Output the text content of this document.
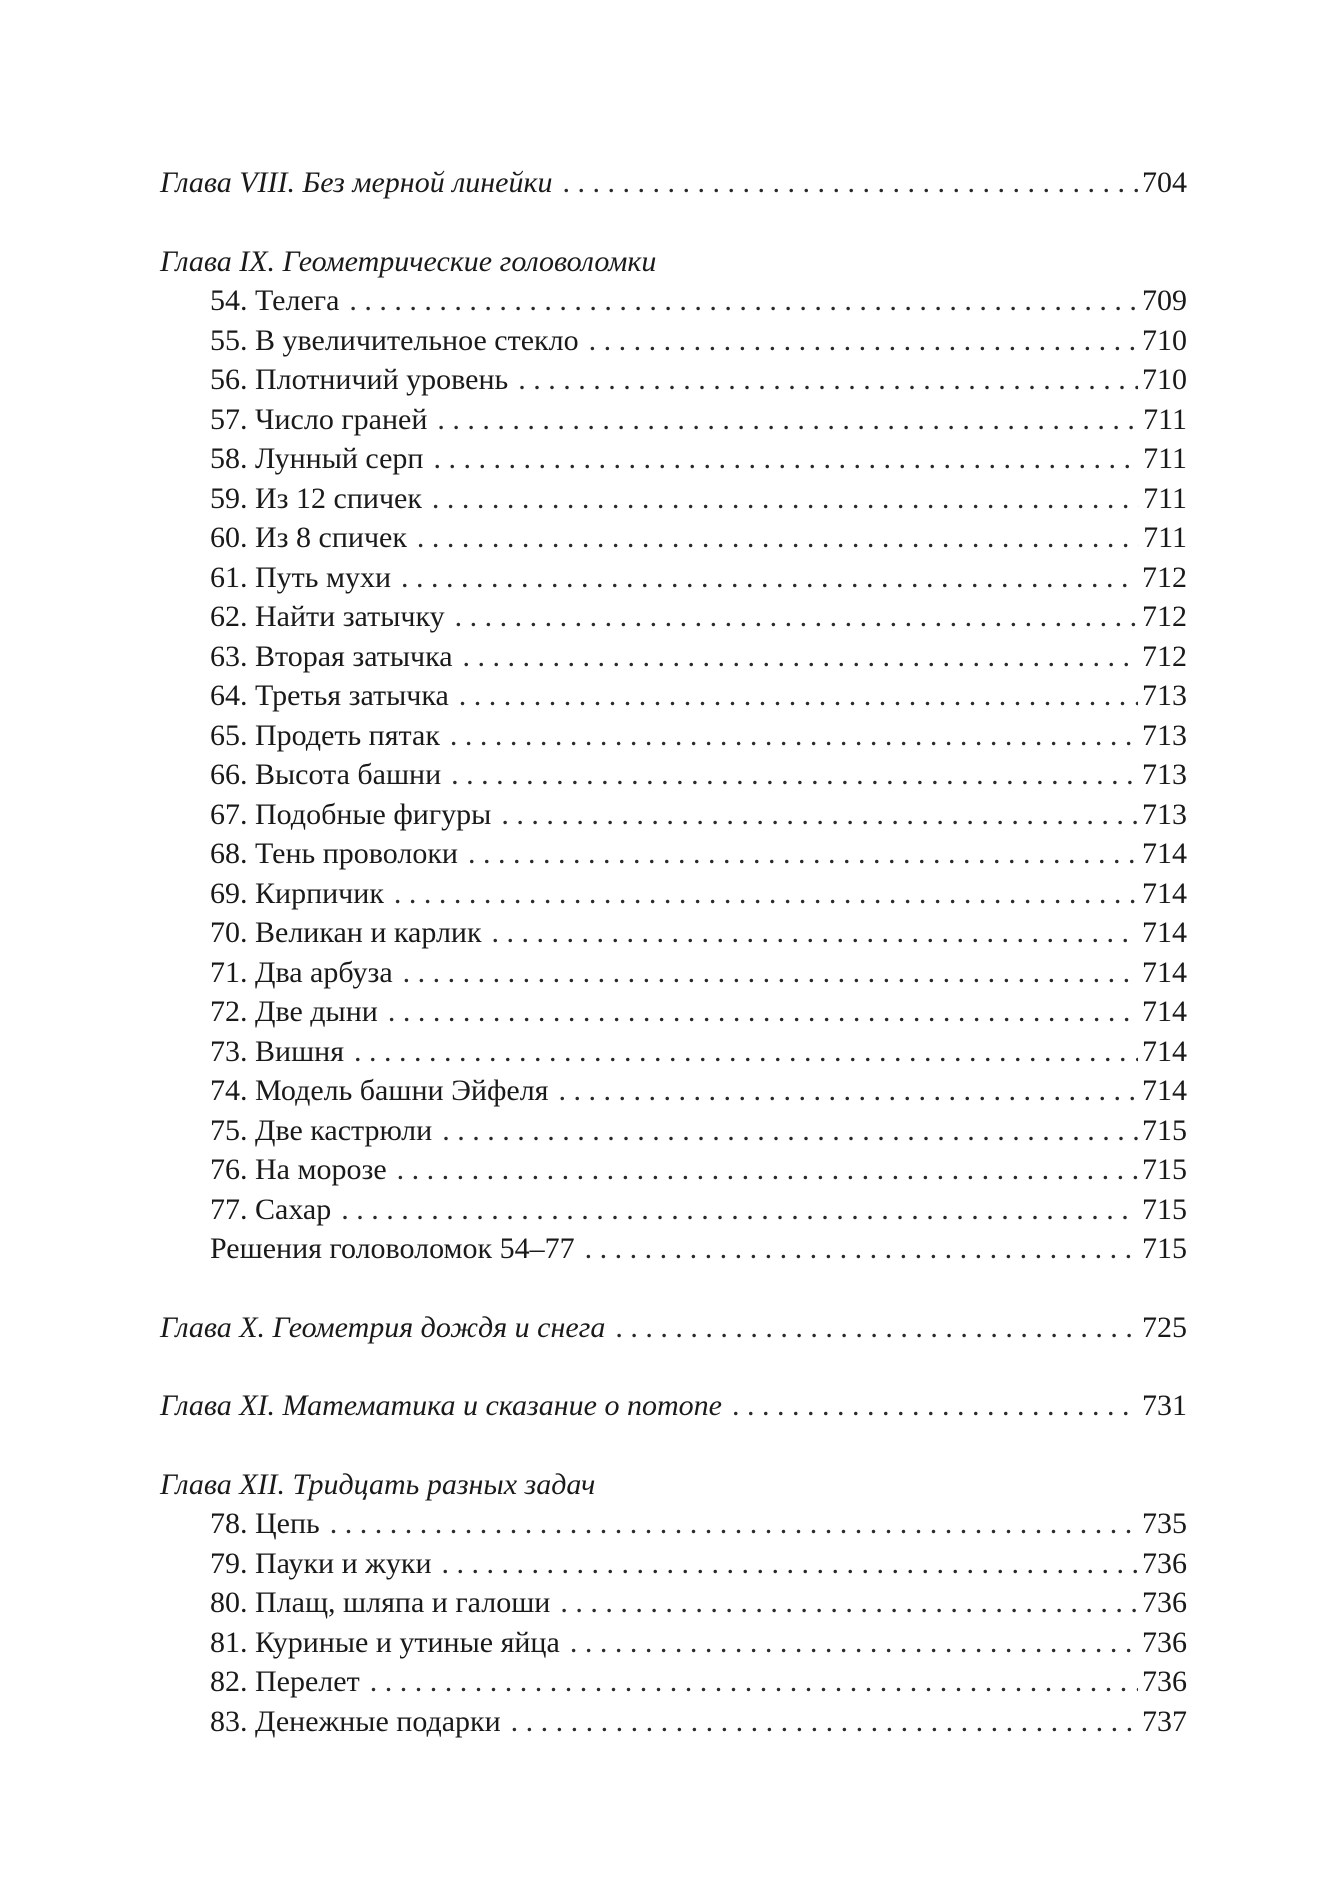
Глава VIII. Без мерной линейки . . .	704
Глава IX. Геометрические головоломки
54. Телега . . .	709
55. В увеличительное стекло . . .	710
56. Плотничий уровень . . .	710
57. Число граней . . .	711
58. Лунный серп . . .	711
59. Из 12 спичек . . .	711
60. Из 8 спичек . . .	711
61. Путь мухи . . .	712
62. Найти затычку . . .	712
63. Вторая затычка . . .	712
64. Третья затычка . . .	713
65. Продеть пятак . . .	713
66. Высота башни . . .	713
67. Подобные фигуры . . .	713
68. Тень проволоки . . .	714
69. Кирпичик . . .	714
70. Великан и карлик . . .	714
71. Два арбуза . . .	714
72. Две дыни . . .	714
73. Вишня . . .	714
74. Модель башни Эйфеля . . .	714
75. Две кастрюли . . .	715
76. На морозе . . .	715
77. Сахар . . .	715
Решения головоломок 54–77 . . .	715
Глава X. Геометрия дождя и снега . . .	725
Глава XI. Математика и сказание о потопе . . .	731
Глава XII. Тридцать разных задач
78. Цепь . . .	735
79. Пауки и жуки . . .	736
80. Плащ, шляпа и галоши . . .	736
81. Куриные и утиные яйца . . .	736
82. Перелет . . .	736
83. Денежные подарки . . .	737
